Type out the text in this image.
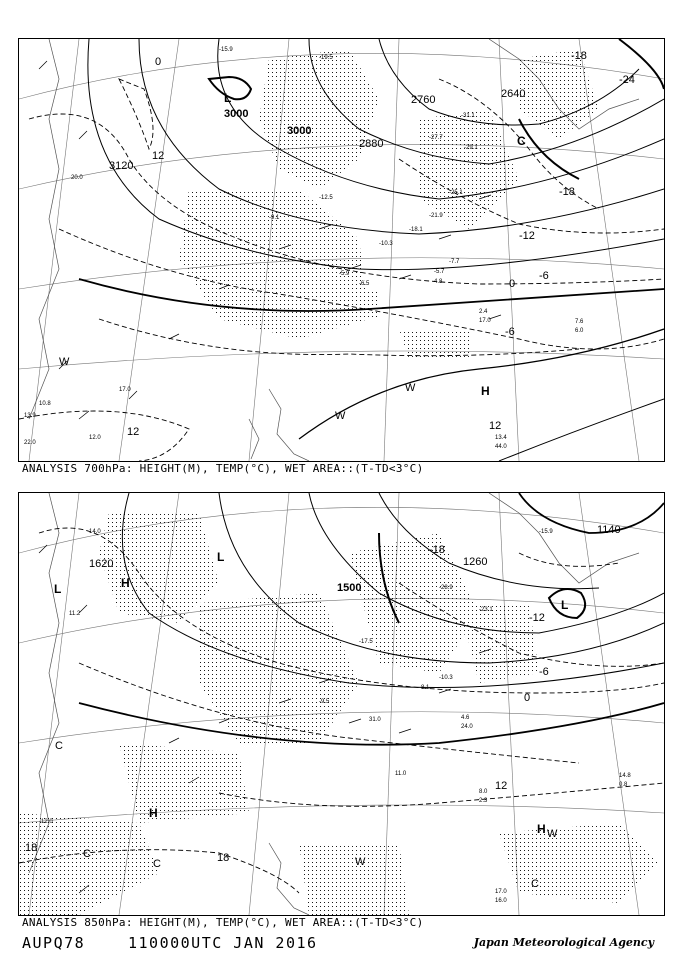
3120
3000
3000
2880
2760	2640
0
12
-18
-24
-18
-12
-6
0
-6
12
12
L
C
W
W
W	H
-19.5
-15.9
-31.1
-27.7
-29.1
-25.1
-21.9
-18.1
-10.3
-7.7
-5.7
4.8
2.4
17.0	7.6
6.0
13.4
44.0
-5.9
-6.5
-12.5
-9.1
12.0
17.0
10.8
13.9
20.0
22.0
ANALYSIS 700hPa: HEIGHT(M), TEMP(°C), WET AREA::(T-TD<3°C)
1620
1500
1260
1140
-18
-12
-6
0
12
18
18
H
L
L
L
C
C
C
C
H
H
W
W
11.2
14.0
-28.9
-23.1
-17.5
-15.9
-10.3
-8.1
4.6
24.0
11.0
8.0
2.3
14.8
0.8
17.0
16.0
-12.0
-9.5
31.0
ANALYSIS 850hPa: HEIGHT(M), TEMP(°C), WET AREA::(T-TD<3°C)
AUPQ78	110000UTC JAN 2016	Japan Meteorological Agency
